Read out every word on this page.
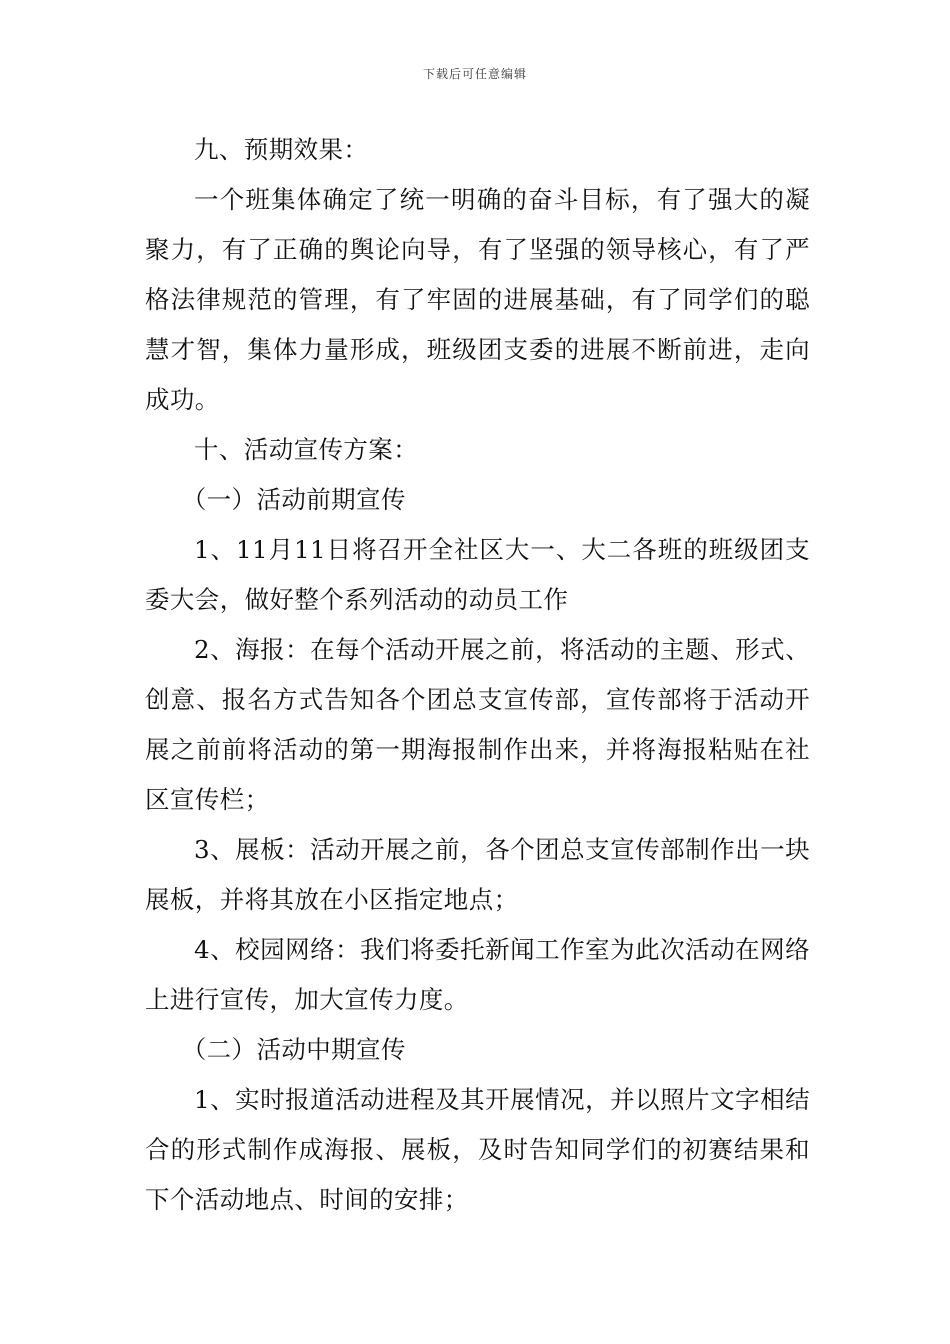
下载后可任意编辑

九、预期效果：

一个班集体确定了统一明确的奋斗目标，有了强大的凝聚力，有了正确的舆论向导，有了坚强的领导核心，有了严格法律规范的管理，有了牢固的进展基础，有了同学们的聪慧才智，集体力量形成，班级团支委的进展不断前进，走向成功。

十、活动宣传方案：

（一）活动前期宣传

1、11月11日将召开全社区大一、大二各班的班级团支委大会，做好整个系列活动的动员工作

2、海报：在每个活动开展之前，将活动的主题、形式、创意、报名方式告知各个团总支宣传部，宣传部将于活动开展之前前将活动的第一期海报制作出来，并将海报粘贴在社区宣传栏；

3、展板：活动开展之前，各个团总支宣传部制作出一块展板，并将其放在小区指定地点；

4、校园网络：我们将委托新闻工作室为此次活动在网络上进行宣传，加大宣传力度。

（二）活动中期宣传

1、实时报道活动进程及其开展情况，并以照片文字相结合的形式制作成海报、展板，及时告知同学们的初赛结果和下个活动地点、时间的安排；
